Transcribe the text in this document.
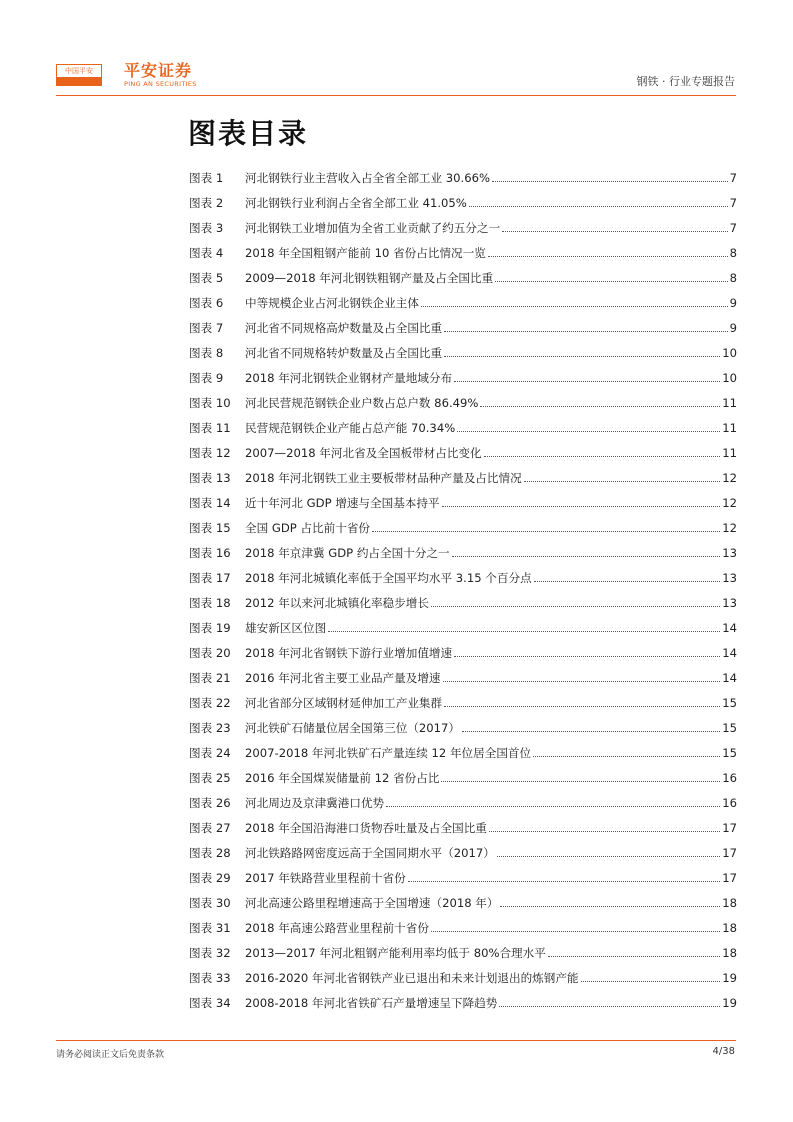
中国平安	平安证券
PING AN SECURITIES	钢铁 · 行业专题报告
图表目录
图表 1	河北钢铁行业主营收入占全省全部工业 30.66%	7
图表 2	河北钢铁行业利润占全省全部工业 41.05%	7
图表 3	河北钢铁工业增加值为全省工业贡献了约五分之一	7
图表 4	2018 年全国粗钢产能前 10 省份占比情况一览	8
图表 5	2009—2018 年河北钢铁粗钢产量及占全国比重	8
图表 6	中等规模企业占河北钢铁企业主体	9
图表 7	河北省不同规格高炉数量及占全国比重	9
图表 8	河北省不同规格转炉数量及占全国比重	10
图表 9	2018 年河北钢铁企业钢材产量地域分布	10
图表 10	河北民营规范钢铁企业户数占总户数 86.49%	11
图表 11	民营规范钢铁企业产能占总产能 70.34%	11
图表 12	2007—2018 年河北省及全国板带材占比变化	11
图表 13	2018 年河北钢铁工业主要板带材品种产量及占比情况	12
图表 14	近十年河北 GDP 增速与全国基本持平	12
图表 15	全国 GDP 占比前十省份	12
图表 16	2018 年京津冀 GDP 约占全国十分之一	13
图表 17	2018 年河北城镇化率低于全国平均水平 3.15 个百分点	13
图表 18	2012 年以来河北城镇化率稳步增长	13
图表 19	雄安新区区位图	14
图表 20	2018 年河北省钢铁下游行业增加值增速	14
图表 21	2016 年河北省主要工业品产量及增速	14
图表 22	河北省部分区域钢材延伸加工产业集群	15
图表 23	河北铁矿石储量位居全国第三位（2017）	15
图表 24	2007-2018 年河北铁矿石产量连续 12 年位居全国首位	15
图表 25	2016 年全国煤炭储量前 12 省份占比	16
图表 26	河北周边及京津冀港口优势	16
图表 27	2018 年全国沿海港口货物吞吐量及占全国比重	17
图表 28	河北铁路路网密度远高于全国同期水平（2017）	17
图表 29	2017 年铁路营业里程前十省份	17
图表 30	河北高速公路里程增速高于全国增速（2018 年）	18
图表 31	2018 年高速公路营业里程前十省份	18
图表 32	2013—2017 年河北粗钢产能利用率均低于 80%合理水平	18
图表 33	2016-2020 年河北省钢铁产业已退出和未来计划退出的炼钢产能	19
图表 34	2008-2018 年河北省铁矿石产量增速呈下降趋势	19
请务必阅读正文后免责条款	4/38
